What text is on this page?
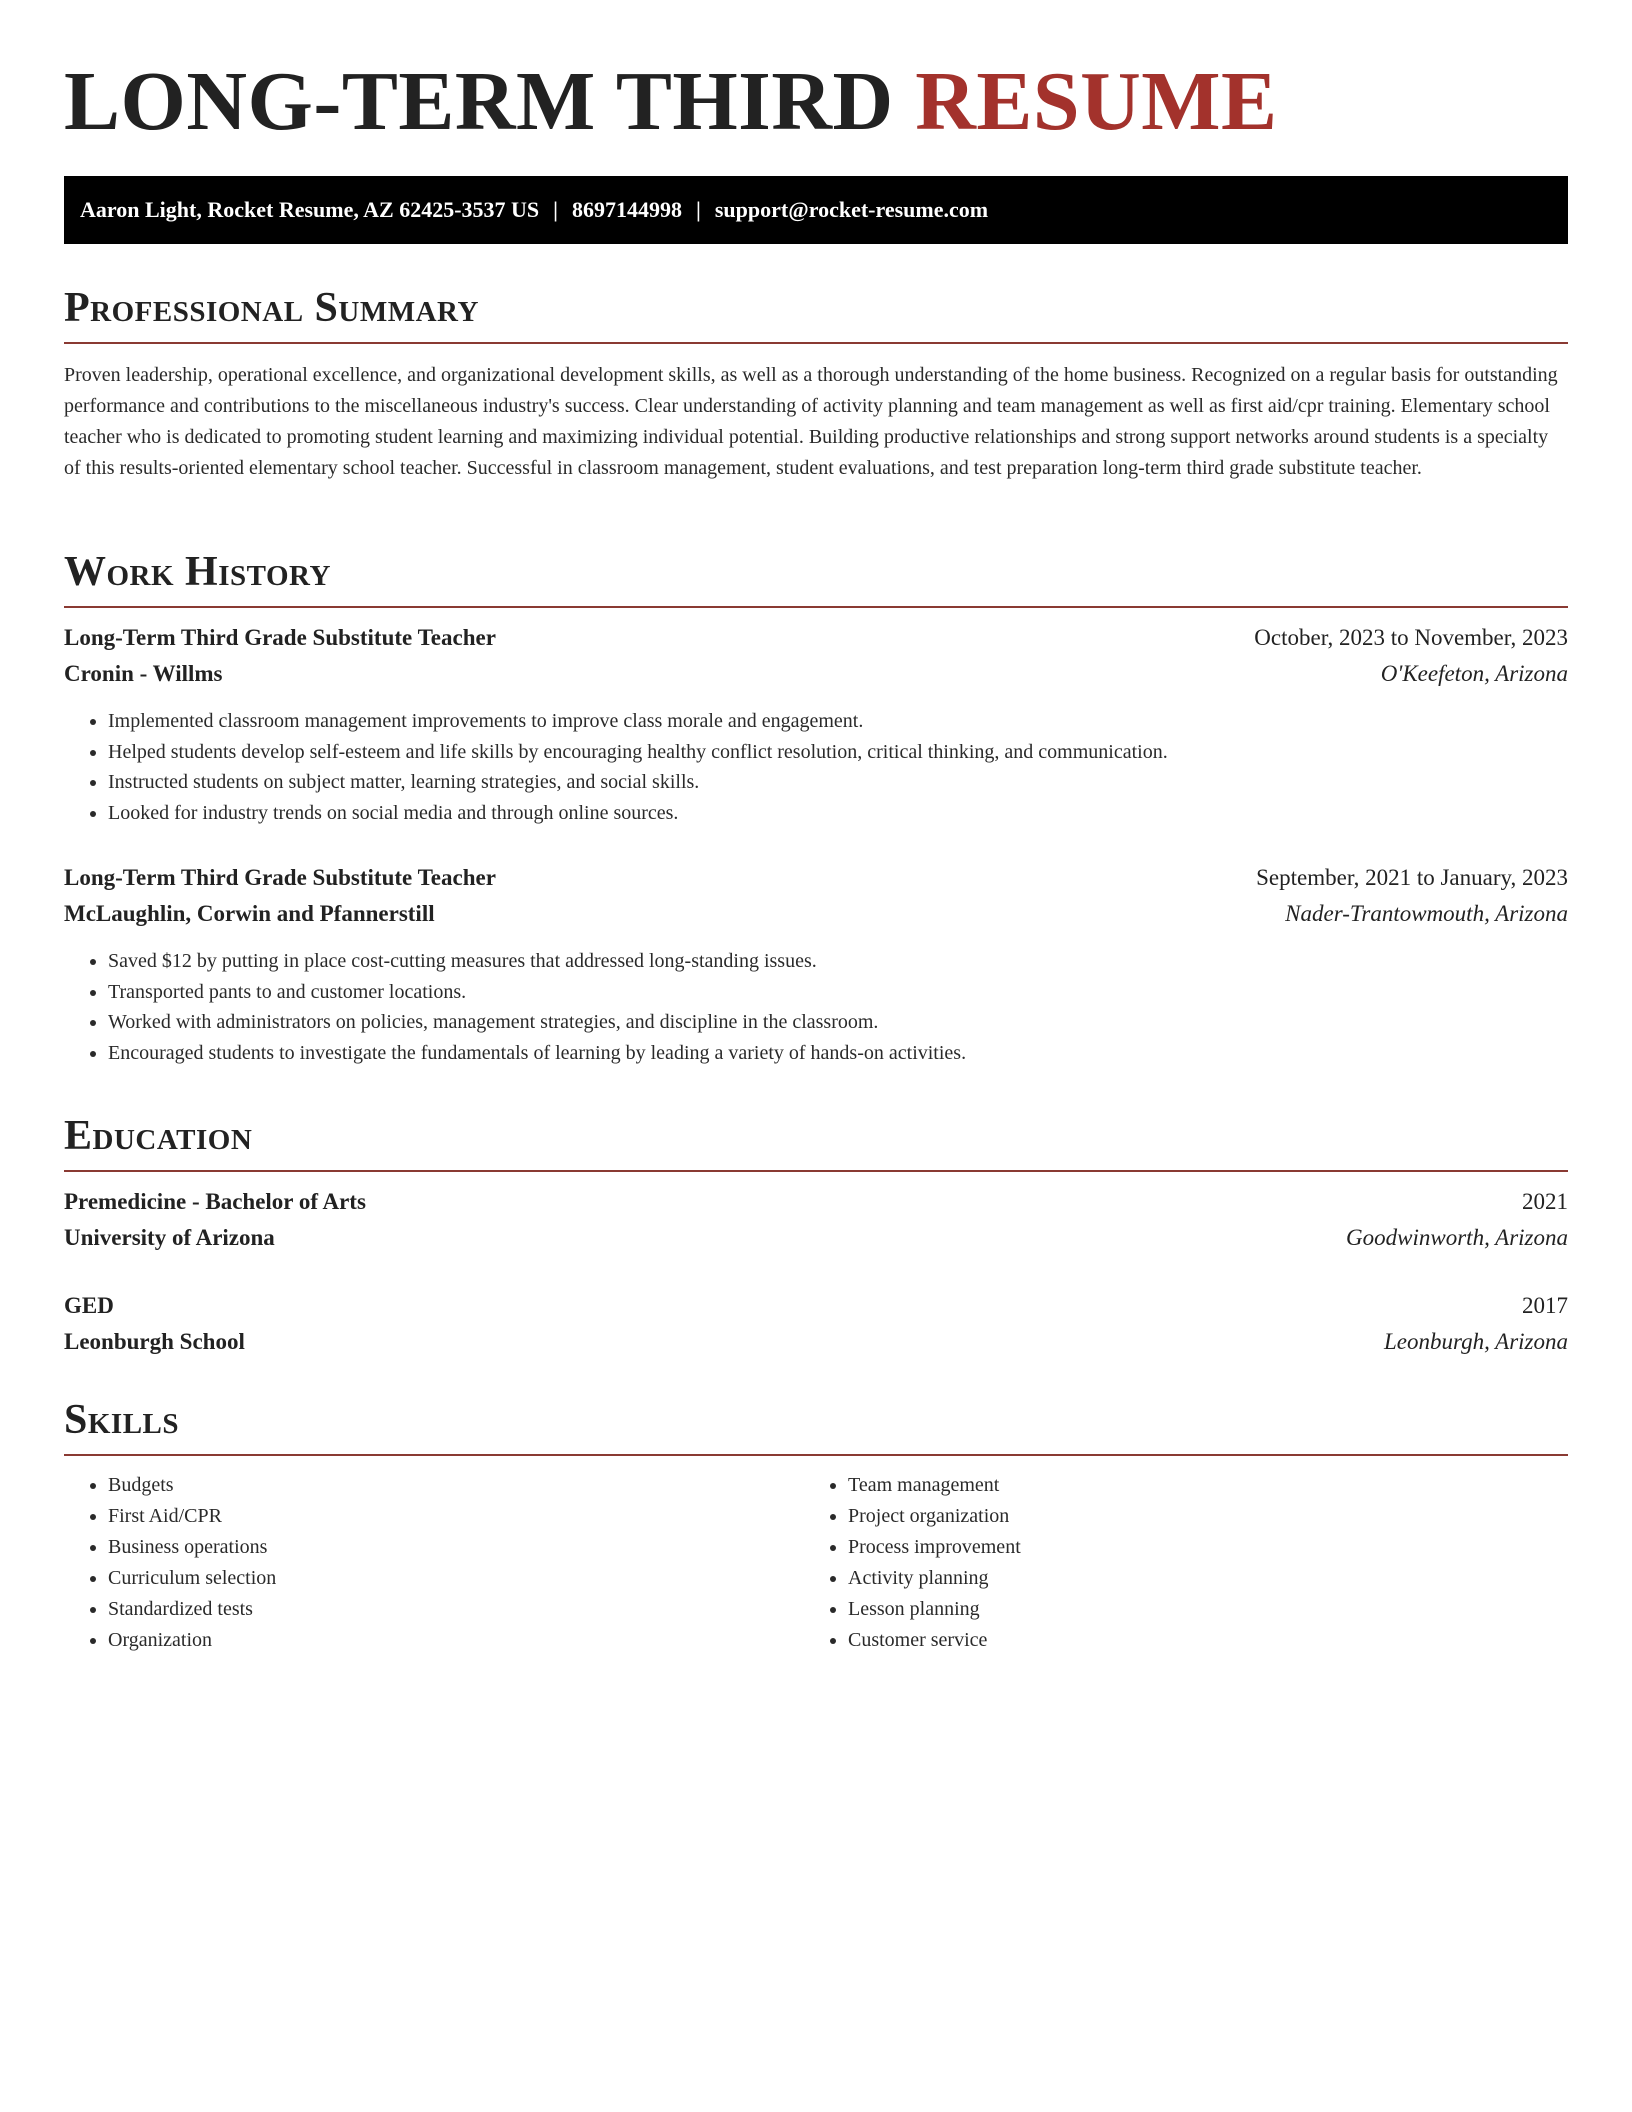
LONG-TERM THIRD RESUME
Aaron Light, Rocket Resume, AZ 62425-3537 US | 8697144998 | support@rocket-resume.com
Professional Summary

Proven leadership, operational excellence, and organizational development skills, as well as a thorough understanding of the home business. Recognized on a regular basis for outstanding performance and contributions to the miscellaneous industry's success. Clear understanding of activity planning and team management as well as first aid/cpr training. Elementary school teacher who is dedicated to promoting student learning and maximizing individual potential. Building productive relationships and strong support networks around students is a specialty of this results-oriented elementary school teacher. Successful in classroom management, student evaluations, and test preparation long-term third grade substitute teacher.

Work History
Long-Term Third Grade Substitute Teacher	October, 2023 to November, 2023
Cronin - Willms	O'Keefeton, Arizona
• Implemented classroom management improvements to improve class morale and engagement.
• Helped students develop self-esteem and life skills by encouraging healthy conflict resolution, critical thinking, and communication.
• Instructed students on subject matter, learning strategies, and social skills.
• Looked for industry trends on social media and through online sources.
Long-Term Third Grade Substitute Teacher	September, 2021 to January, 2023
McLaughlin, Corwin and Pfannerstill	Nader-Trantowmouth, Arizona
• Saved $12 by putting in place cost-cutting measures that addressed long-standing issues.
• Transported pants to and customer locations.
• Worked with administrators on policies, management strategies, and discipline in the classroom.
• Encouraged students to investigate the fundamentals of learning by leading a variety of hands-on activities.
Education
Premedicine - Bachelor of Arts	2021
University of Arizona	Goodwinworth, Arizona
GED	2017
Leonburgh School	Leonburgh, Arizona
Skills
• Budgets
• First Aid/CPR
• Business operations
• Curriculum selection
• Standardized tests
• Organization
• Team management
• Project organization
• Process improvement
• Activity planning
• Lesson planning
• Customer service
